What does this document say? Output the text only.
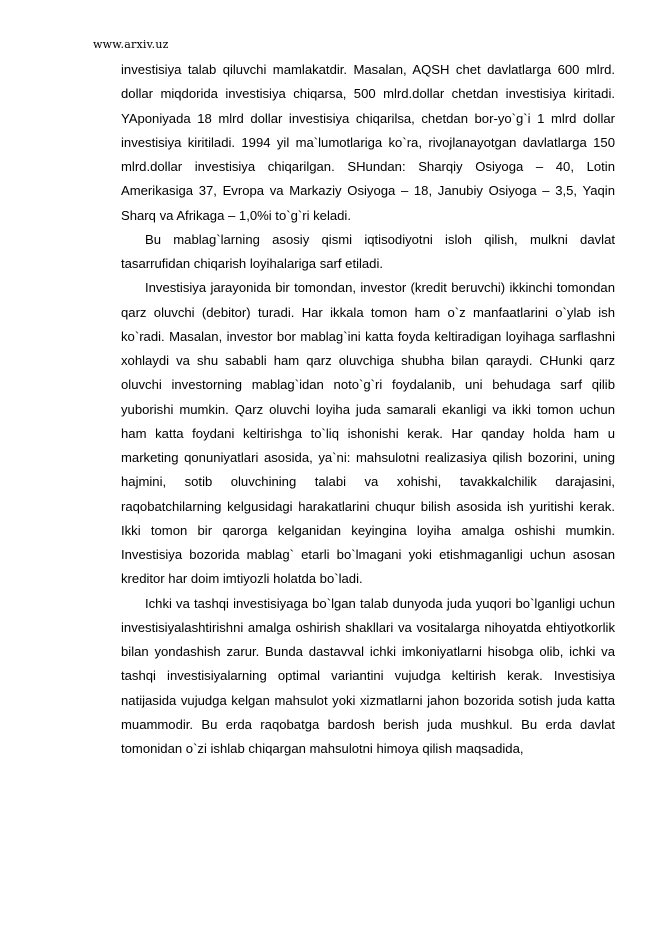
www.arxiv.uz

investisiya talab qiluvchi mamlakatdir. Masalan, AQSH chet davlatlarga 600 mlrd. dollar miqdorida investisiya chiqarsa, 500 mlrd.dollar chetdan investisiya kiritadi. YAponiyada 18 mlrd dollar investisiya chiqarilsa, chetdan bor-yo`g`i 1 mlrd dollar investisiya kiritiladi. 1994 yil ma`lumotlariga ko`ra, rivojlanayotgan davlatlarga 150 mlrd.dollar investisiya chiqarilgan. SHundan: Sharqiy Osiyoga – 40, Lotin Amerikasiga 37, Evropa va Markaziy Osiyoga – 18, Janubiy Osiyoga – 3,5, Yaqin Sharq va Afrikaga – 1,0%i to`g`ri keladi.

Bu mablag`larning asosiy qismi iqtisodiyotni isloh qilish, mulkni davlat tasarrufidan chiqarish loyihalariga sarf etiladi.

Investisiya jarayonida bir tomondan, investor (kredit beruvchi) ikkinchi tomondan qarz oluvchi (debitor) turadi. Har ikkala tomon ham o`z manfaatlarini o`ylab ish ko`radi. Masalan, investor bor mablag`ini katta foyda keltiradigan loyihaga sarflashni xohlaydi va shu sababli ham qarz oluvchiga shubha bilan qaraydi. CHunki qarz oluvchi investorning mablag`idan noto`g`ri foydalanib, uni behudaga sarf qilib yuborishi mumkin. Qarz oluvchi loyiha juda samarali ekanligi va ikki tomon uchun ham katta foydani keltirishga to`liq ishonishi kerak. Har qanday holda ham u marketing qonuniyatlari asosida, ya`ni: mahsulotni realizasiya qilish bozorini, uning hajmini, sotib oluvchining talabi va xohishi, tavakkalchilik darajasini, raqobatchilarning kelgusidagi harakatlarini chuqur bilish asosida ish yuritishi kerak. Ikki tomon bir qarorga kelganidan keyingina loyiha amalga oshishi mumkin. Investisiya bozorida mablag` etarli bo`lmagani yoki etishmaganligi uchun asosan kreditor har doim imtiyozli holatda bo`ladi.

Ichki va tashqi investisiyaga bo`lgan talab dunyoda juda yuqori bo`lganligi uchun investisiyalashtirishni amalga oshirish shakllari va vositalarga nihoyatda ehtiyotkorlik bilan yondashish zarur. Bunda dastavval ichki imkoniyatlarni hisobga olib, ichki va tashqi investisiyalarning optimal variantini vujudga keltirish kerak. Investisiya natijasida vujudga kelgan mahsulot yoki xizmatlarni jahon bozorida sotish juda katta muammodir. Bu erda raqobatga bardosh berish juda mushkul. Bu erda davlat tomonidan o`zi ishlab chiqargan mahsulotni himoya qilish maqsadida,
